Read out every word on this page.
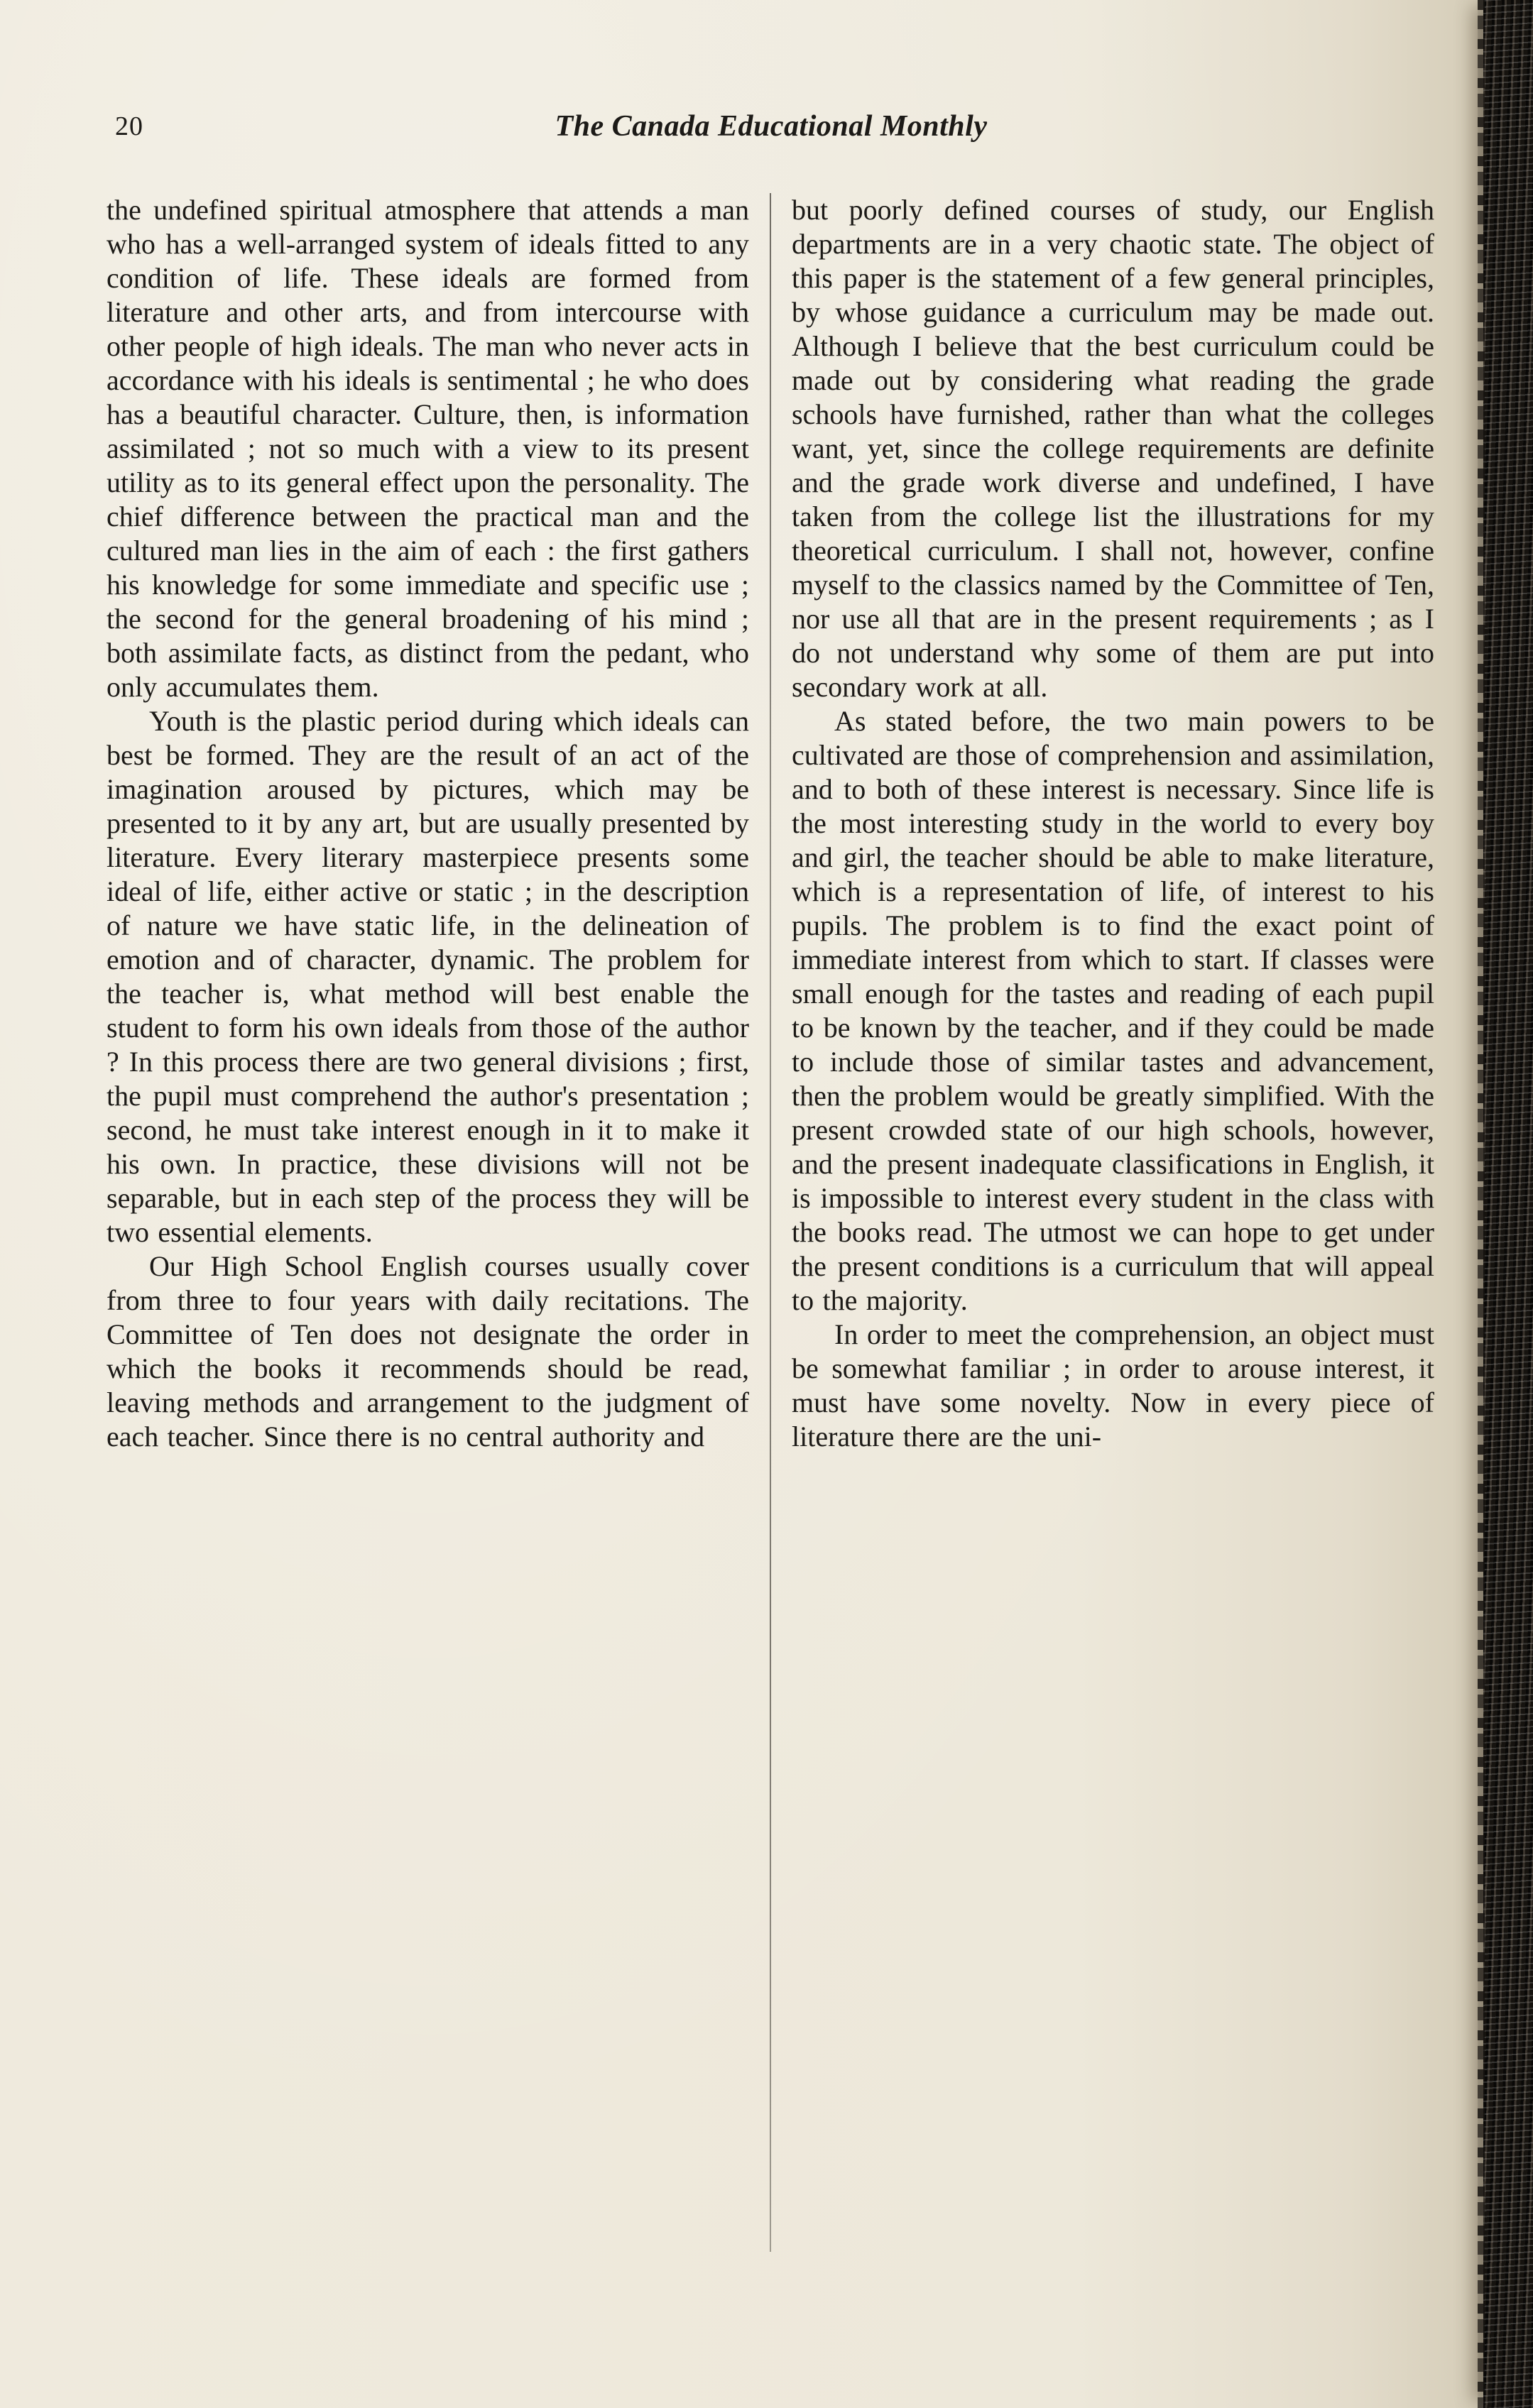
20	The Canada Educational Monthly

the undefined spiritual atmosphere that attends a man who has a well-arranged system of ideals fitted to any condition of life. These ideals are formed from literature and other arts, and from intercourse with other people of high ideals. The man who never acts in accordance with his ideals is sentimental ; he who does has a beautiful character. Culture, then, is information assimilated ; not so much with a view to its present utility as to its general effect upon the personality. The chief difference between the practical man and the cultured man lies in the aim of each : the first gathers his knowledge for some immediate and specific use ; the second for the general broadening of his mind ; both assimilate facts, as distinct from the pedant, who only accumulates them.

Youth is the plastic period during which ideals can best be formed. They are the result of an act of the imagination aroused by pictures, which may be presented to it by any art, but are usually presented by literature. Every literary masterpiece presents some ideal of life, either active or static ; in the description of nature we have static life, in the delineation of emotion and of character, dynamic. The problem for the teacher is, what method will best enable the student to form his own ideals from those of the author ? In this process there are two general divisions ; first, the pupil must comprehend the author's presentation ; second, he must take interest enough in it to make it his own. In practice, these divisions will not be separable, but in each step of the process they will be two essential elements.

Our High School English courses usually cover from three to four years with daily recitations. The Committee of Ten does not designate the order in which the books it recommends should be read, leaving methods and arrangement to the judgment of each teacher. Since there is no central authority and

but poorly defined courses of study, our English departments are in a very chaotic state. The object of this paper is the statement of a few general principles, by whose guidance a curriculum may be made out. Although I believe that the best curriculum could be made out by considering what reading the grade schools have furnished, rather than what the colleges want, yet, since the college requirements are definite and the grade work diverse and undefined, I have taken from the college list the illustrations for my theoretical curriculum. I shall not, however, confine myself to the classics named by the Committee of Ten, nor use all that are in the present requirements ; as I do not understand why some of them are put into secondary work at all.

As stated before, the two main powers to be cultivated are those of comprehension and assimilation, and to both of these interest is necessary. Since life is the most interesting study in the world to every boy and girl, the teacher should be able to make literature, which is a representation of life, of interest to his pupils. The problem is to find the exact point of immediate interest from which to start. If classes were small enough for the tastes and reading of each pupil to be known by the teacher, and if they could be made to include those of similar tastes and advancement, then the problem would be greatly simplified. With the present crowded state of our high schools, however, and the present inadequate classifications in English, it is impossible to interest every student in the class with the books read. The utmost we can hope to get under the present conditions is a curriculum that will appeal to the majority.

In order to meet the comprehension, an object must be somewhat familiar ; in order to arouse interest, it must have some novelty. Now in every piece of literature there are the uni-
